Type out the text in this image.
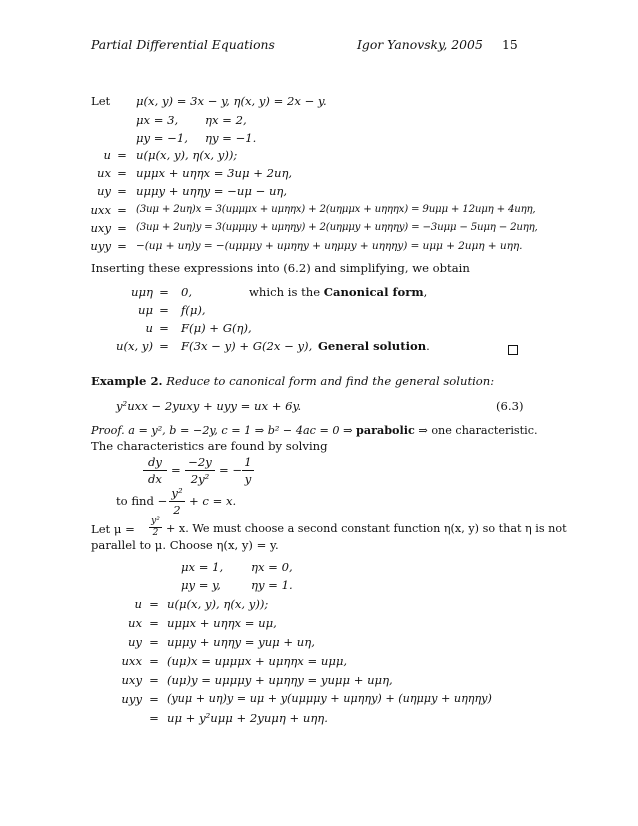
Partial Differential Equations	Igor Yanovsky, 2005 15
Let μ(x, y) = 3x − y, η(x, y) = 2x − y.
μx = 3, ηx = 2,
μy = −1, ηy = −1.
u = u(μ(x, y), η(x, y));
ux = uμμx + uηηx = 3uμ + 2uη,
uy = uμμy + uηηy = −uμ − uη,
uxx = (3uμ + 2uη)x = 3(uμμμx + uμηηx) + 2(uημμx + uηηηx) = 9uμμ + 12uμη + 4uηη,
uxy = (3uμ + 2uη)y = 3(uμμμy + uμηηy) + 2(uημμy + uηηηy) = −3uμμ − 5uμη − 2uηη,
uyy = −(uμ + uη)y = −(uμμμy + uμηηy + uημμy + uηηηy) = uμμ + 2uμη + uηη.
Inserting these expressions into (6.2) and simplifying, we obtain
uμη = 0,	which is the Canonical form,
uμ = f(μ),
u = F(μ) + G(η),
u(x, y) = F(3x − y) + G(2x − y), General solution.
Example 2. Reduce to canonical form and find the general solution:
y²uxx − 2yuxy + uyy = ux + 6y.	(6.3)
Proof. a = y², b = −2y, c = 1 ⇒ b² − 4ac = 0 ⇒ parabolic ⇒ one characteristic.
The characteristics are found by solving
dy
dx
=
−2y
2y²
= −
1
y
to find −
y²
2
+ c = x.
Let μ =
y²
2 + x. We must choose a second constant function η(x, y) so that η is not
parallel to μ. Choose η(x, y) = y.
μx = 1, ηx = 0,
μy = y,	ηy = 1.
u = u(μ(x, y), η(x, y));
ux = uμμx + uηηx = uμ,
uy = uμμy + uηηy = yuμ + uη,
uxx = (uμ)x = uμμμx + uμηηx = uμμ,
uxy = (uμ)y = uμμμy + uμηηy = yuμμ + uμη,
uyy = (yuμ + uη)y = uμ + y(uμμμy + uμηηy) + (uημμy + uηηηy)
= uμ + y²uμμ + 2yuμη + uηη.
